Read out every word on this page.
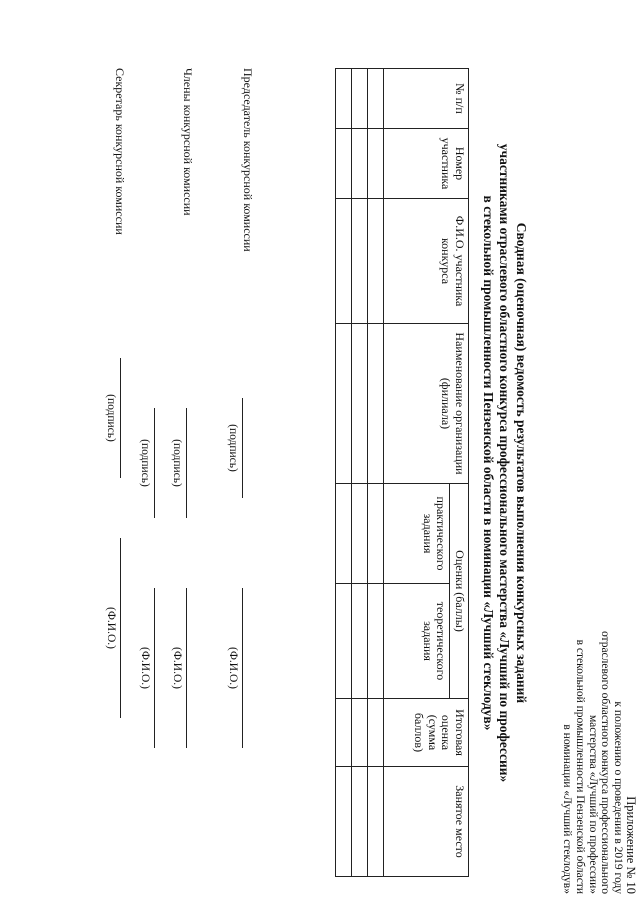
Приложение № 10
к положению о проведении в 2019 году
отраслевого областного конкурса профессионального
мастерства «Лучший по профессии»
в стекольной промышленности Пензенской области
в номинации «Лучший стеклодув»
Сводная (оценочная) ведомость результатов выполнения конкурсных заданий
участниками отраслевого областного конкурса профессионального мастерства «Лучший по профессии»
в стекольной промышленности Пензенской области в номинации «Лучший стеклодув»
№ п/п	Номер участника	Ф.И.О. участника конкурса	Наименование организации (филиала)	Оценки (баллы)		Итоговая оценка (сумма баллов)	Занятое место
				практического задания	теоретического задания		

Председатель конкурсной комиссии
(подпись)
(Ф.И.О.)
Члены конкурсной комиссии
(подпись)
(Ф.И.О.)
(подпись)
(Ф.И.О.)
Секретарь конкурсной комиссии
(подпись)
(Ф.И.О.)
